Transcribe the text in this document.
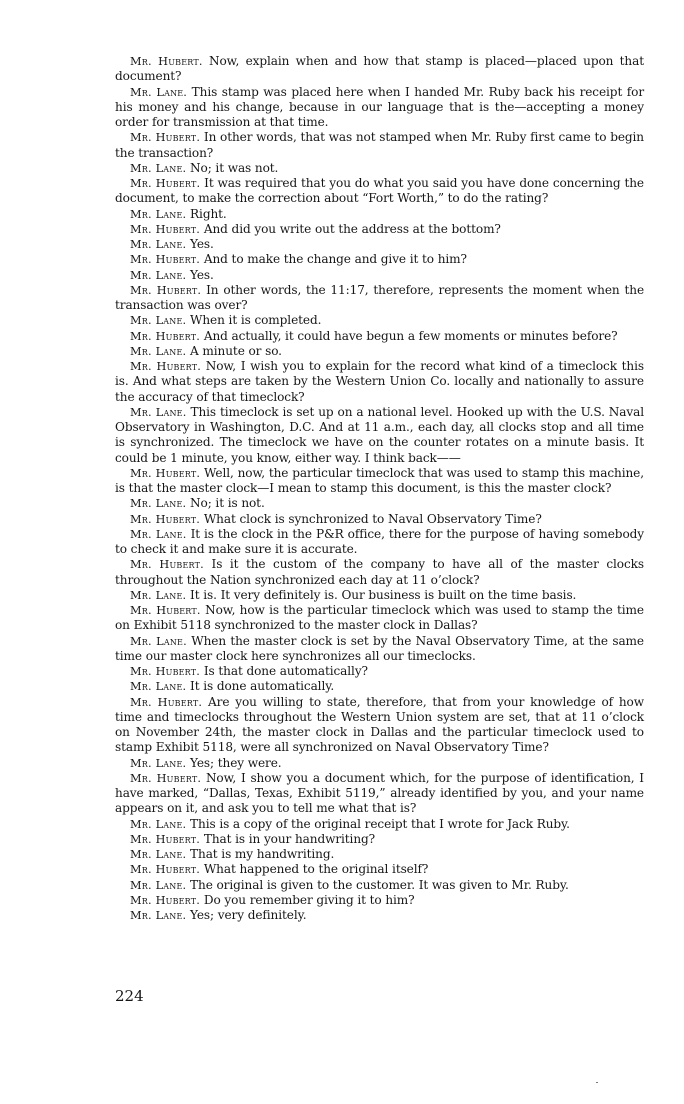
Mr. Hubert. Now, explain when and how that stamp is placed—placed upon that document?

Mr. Lane. This stamp was placed here when I handed Mr. Ruby back his receipt for his money and his change, because in our language that is the—accepting a money order for transmission at that time.

Mr. Hubert. In other words, that was not stamped when Mr. Ruby first came to begin the transaction?

Mr. Lane. No; it was not.

Mr. Hubert. It was required that you do what you said you have done concerning the document, to make the correction about “Fort Worth,” to do the rating?

Mr. Lane. Right.

Mr. Hubert. And did you write out the address at the bottom?

Mr. Lane. Yes.

Mr. Hubert. And to make the change and give it to him?

Mr. Lane. Yes.

Mr. Hubert. In other words, the 11:17, therefore, represents the moment when the transaction was over?

Mr. Lane. When it is completed.

Mr. Hubert. And actually, it could have begun a few moments or minutes before?

Mr. Lane. A minute or so.

Mr. Hubert. Now, I wish you to explain for the record what kind of a timeclock this is. And what steps are taken by the Western Union Co. locally and nationally to assure the accuracy of that timeclock?

Mr. Lane. This timeclock is set up on a national level. Hooked up with the U.S. Naval Observatory in Washington, D.C. And at 11 a.m., each day, all clocks stop and all time is synchronized. The timeclock we have on the counter rotates on a minute basis. It could be 1 minute, you know, either way. I think back——

Mr. Hubert. Well, now, the particular timeclock that was used to stamp this machine, is that the master clock—I mean to stamp this document, is this the master clock?

Mr. Lane. No; it is not.

Mr. Hubert. What clock is synchronized to Naval Observatory Time?

Mr. Lane. It is the clock in the P&R office, there for the purpose of having somebody to check it and make sure it is accurate.

Mr. Hubert. Is it the custom of the company to have all of the master clocks throughout the Nation synchronized each day at 11 o’clock?

Mr. Lane. It is. It very definitely is. Our business is built on the time basis.

Mr. Hubert. Now, how is the particular timeclock which was used to stamp the time on Exhibit 5118 synchronized to the master clock in Dallas?

Mr. Lane. When the master clock is set by the Naval Observatory Time, at the same time our master clock here synchronizes all our timeclocks.

Mr. Hubert. Is that done automatically?

Mr. Lane. It is done automatically.

Mr. Hubert. Are you willing to state, therefore, that from your knowledge of how time and timeclocks throughout the Western Union system are set, that at 11 o’clock on November 24th, the master clock in Dallas and the particular timeclock used to stamp Exhibit 5118, were all synchronized on Naval Observatory Time?

Mr. Lane. Yes; they were.

Mr. Hubert. Now, I show you a document which, for the purpose of identification, I have marked, “Dallas, Texas, Exhibit 5119,” already identified by you, and your name appears on it, and ask you to tell me what that is?

Mr. Lane. This is a copy of the original receipt that I wrote for Jack Ruby.

Mr. Hubert. That is in your handwriting?

Mr. Lane. That is my handwriting.

Mr. Hubert. What happened to the original itself?

Mr. Lane. The original is given to the customer. It was given to Mr. Ruby.

Mr. Hubert. Do you remember giving it to him?

Mr. Lane. Yes; very definitely.

224
